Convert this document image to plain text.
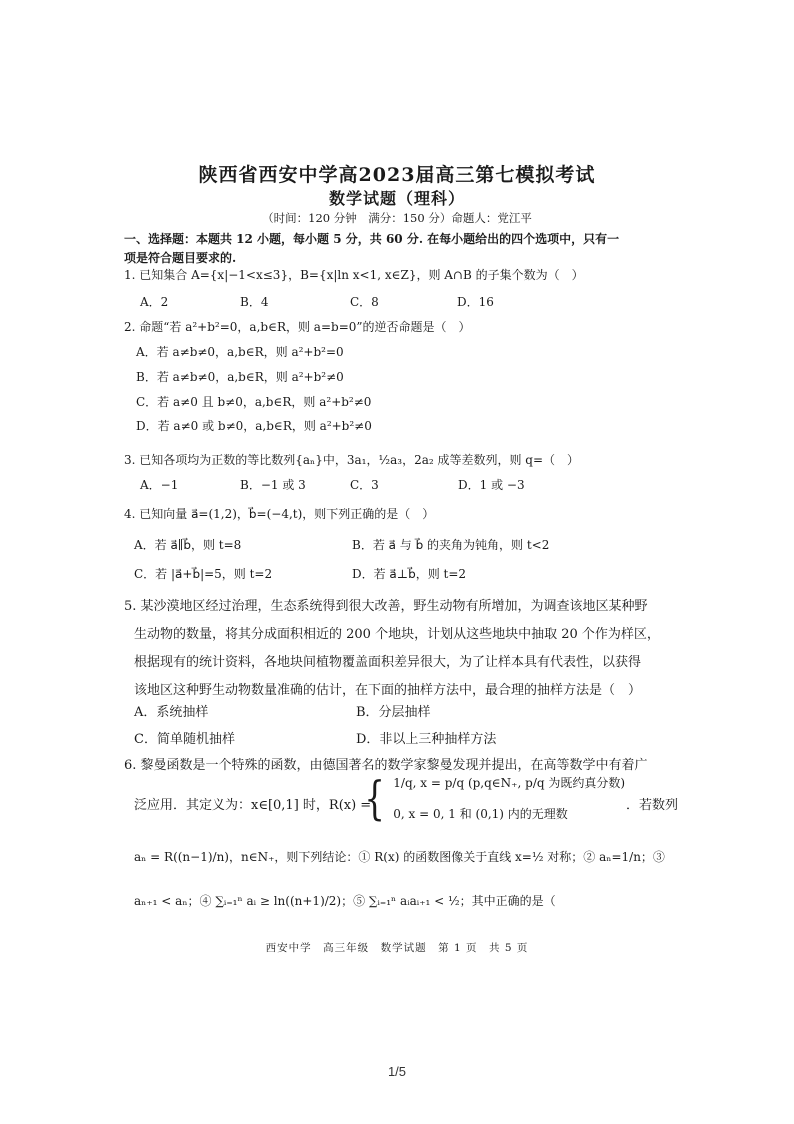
陕西省西安中学高2023届高三第七模拟考试
数学试题（理科）
（时间：120 分钟　满分：150 分）命题人：党江平
一、选择题：本题共 12 小题，每小题 5 分，共 60 分. 在每小题给出的四个选项中，只有一
项是符合题目要求的.
1. 已知集合 A={x|−1<x≤3}，B={x|ln x<1, x∈Z}，则 A∩B 的子集个数为（　）
A．2	B．4	C．8	D．16
2. 命题“若 a²+b²=0，a,b∈R，则 a=b=0”的逆否命题是（　）
A．若 a≠b≠0，a,b∈R，则 a²+b²=0
B．若 a≠b≠0，a,b∈R，则 a²+b²≠0
C．若 a≠0 且 b≠0，a,b∈R，则 a²+b²≠0
D．若 a≠0 或 b≠0，a,b∈R，则 a²+b²≠0
3. 已知各项均为正数的等比数列{aₙ}中，3a₁，½a₃，2a₂ 成等差数列，则 q=（　）
A．−1	B．−1 或 3	C．3	D．1 或 −3
4. 已知向量 a⃗=(1,2)，b⃗=(−4,t)，则下列正确的是（　）
A．若 a⃗∥b⃗，则 t=8	B．若 a⃗ 与 b⃗ 的夹角为钝角，则 t<2
C．若 |a⃗+b⃗|=5，则 t=2	D．若 a⃗⊥b⃗，则 t=2
5. 某沙漠地区经过治理，生态系统得到很大改善，野生动物有所增加，为调查该地区某种野
生动物的数量，将其分成面积相近的 200 个地块，计划从这些地块中抽取 20 个作为样区，
根据现有的统计资料，各地块间植物覆盖面积差异很大，为了让样本具有代表性，以获得
该地区这种野生动物数量准确的估计，在下面的抽样方法中，最合理的抽样方法是（　）
A．系统抽样	B．分层抽样
C．简单随机抽样	D．非以上三种抽样方法
6. 黎曼函数是一个特殊的函数，由德国著名的数学家黎曼发现并提出，在高等数学中有着广
泛应用．其定义为：x∈[0,1] 时，R(x) =
{ 1/q, x = p/q (p,q∈N₊, p/q 为既约真分数)
0, x = 0, 1 和 (0,1) 内的无理数
．若数列
aₙ = R((n−1)/n)，n∈N₊，则下列结论：① R(x) 的函数图像关于直线 x=½ 对称；② aₙ=1/n；③
aₙ₊₁ < aₙ；④ ∑ᵢ₌₁ⁿ aᵢ ≥ ln((n+1)/2)；⑤ ∑ᵢ₌₁ⁿ aᵢaᵢ₊₁ < ½；其中正确的是（
西安中学　高三年级　数学试题　第 1 页　共 5 页
1/5
